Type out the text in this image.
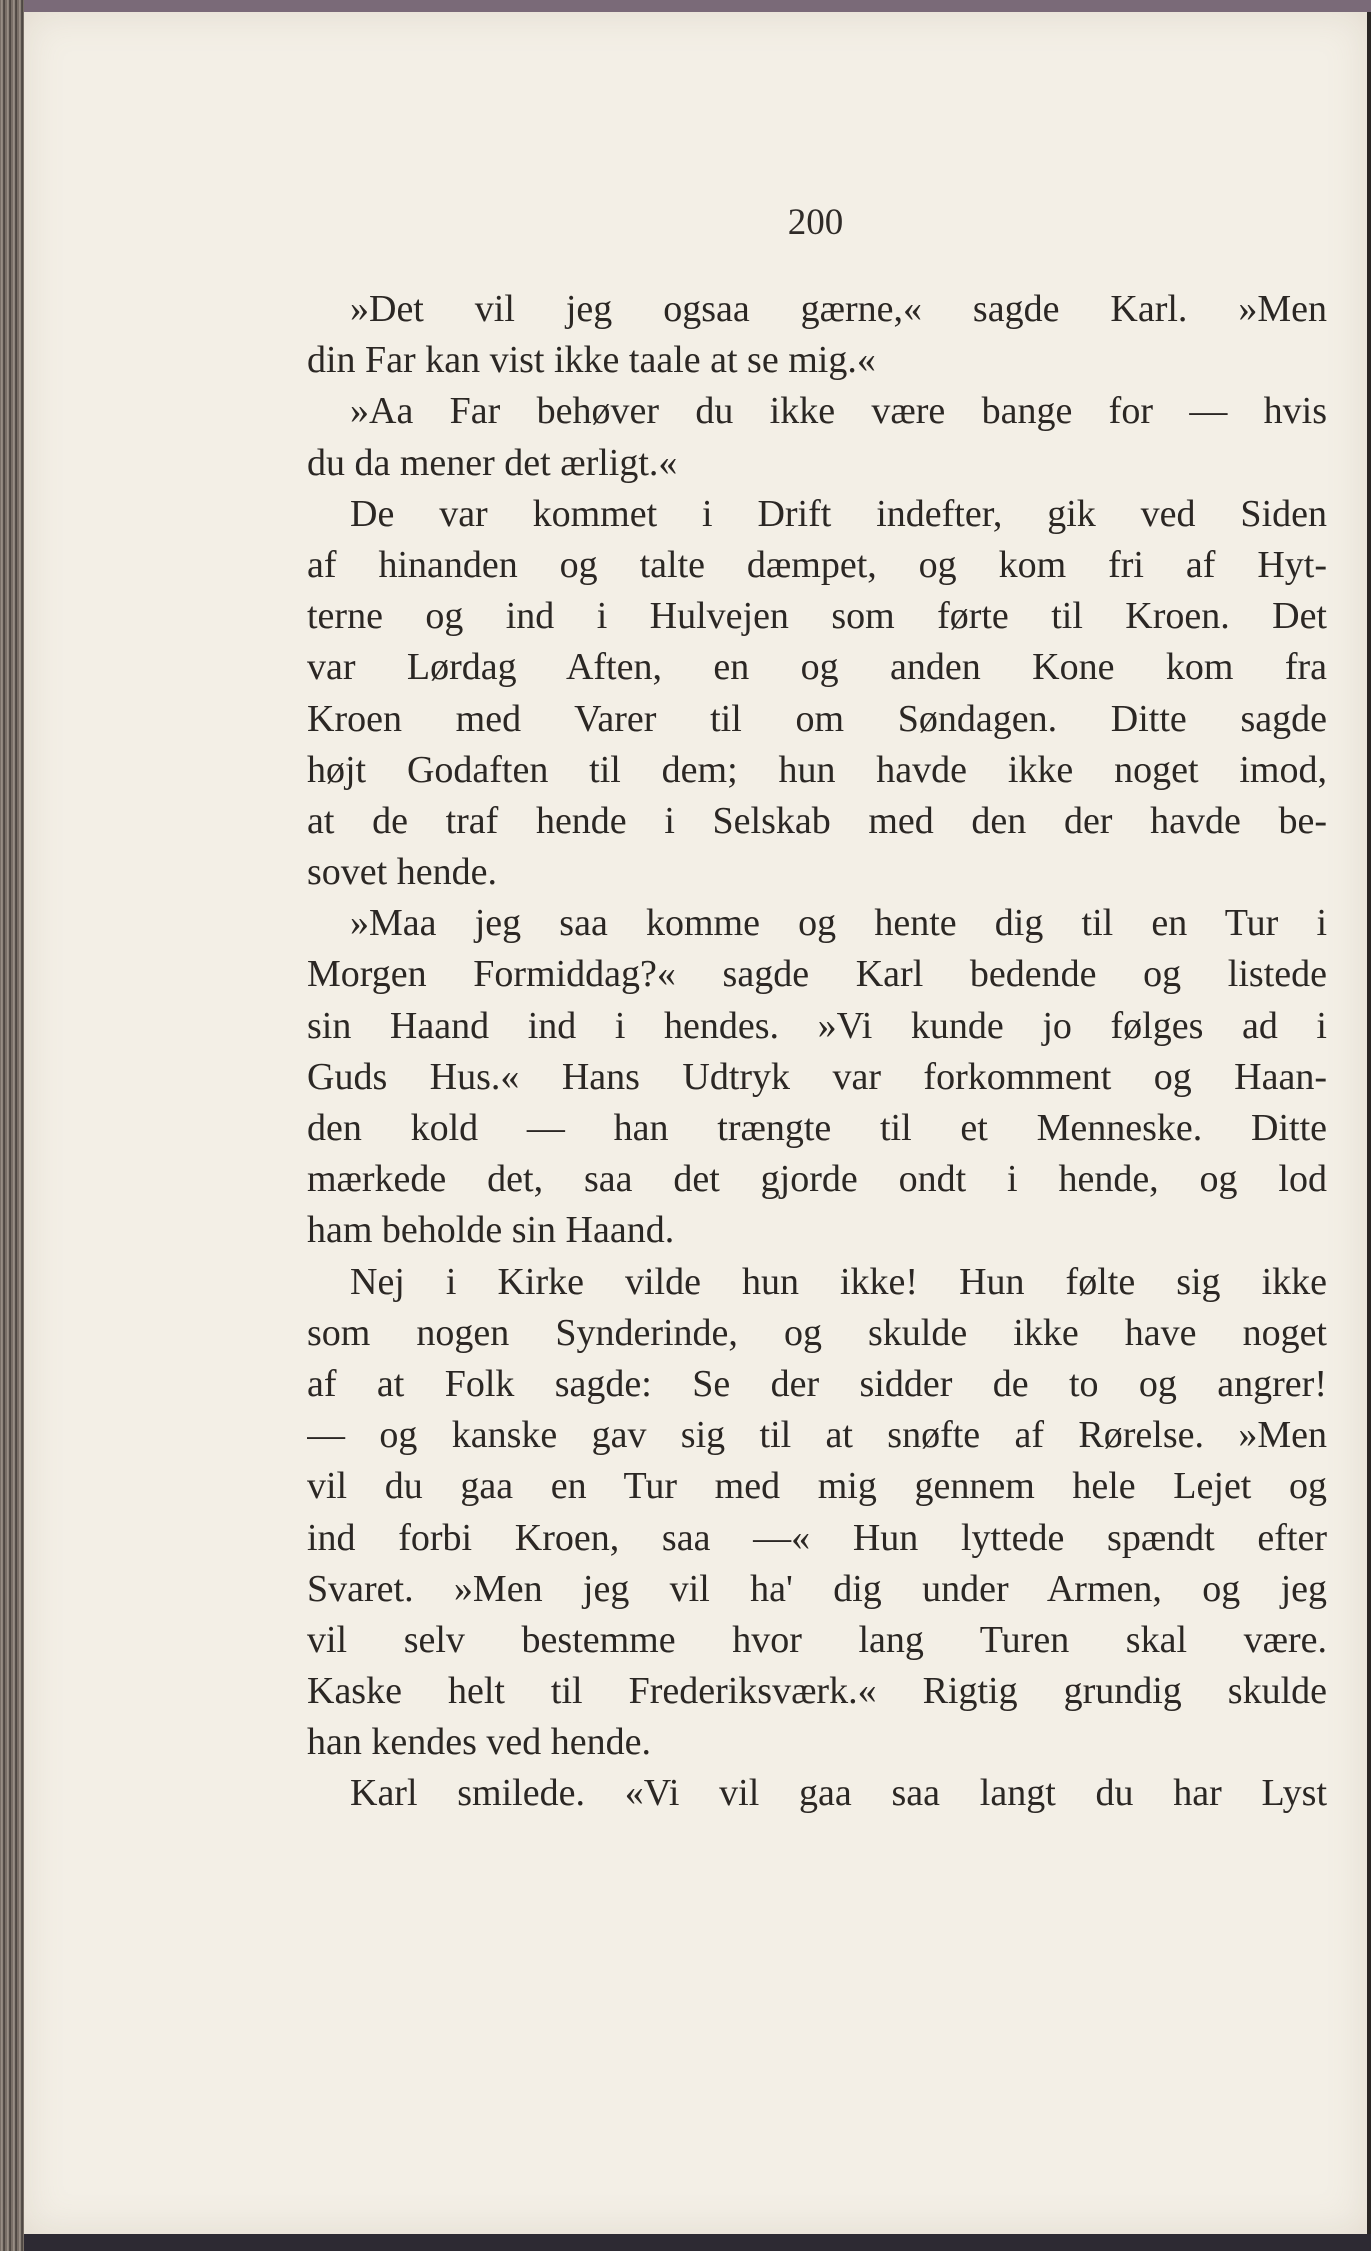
200
»Det vil jeg ogsaa gærne,« sagde Karl. »Men
din Far kan vist ikke taale at se mig.«
»Aa Far behøver du ikke være bange for — hvis
du da mener det ærligt.«
De var kommet i Drift indefter, gik ved Siden
af hinanden og talte dæmpet, og kom fri af Hyt-
terne og ind i Hulvejen som førte til Kroen. Det
var Lørdag Aften, en og anden Kone kom fra
Kroen med Varer til om Søndagen. Ditte sagde
højt Godaften til dem; hun havde ikke noget imod,
at de traf hende i Selskab med den der havde be-
sovet hende.
»Maa jeg saa komme og hente dig til en Tur i
Morgen Formiddag?« sagde Karl bedende og listede
sin Haand ind i hendes. »Vi kunde jo følges ad i
Guds Hus.« Hans Udtryk var forkomment og Haan-
den kold — han trængte til et Menneske. Ditte
mærkede det, saa det gjorde ondt i hende, og lod
ham beholde sin Haand.
Nej i Kirke vilde hun ikke! Hun følte sig ikke
som nogen Synderinde, og skulde ikke have noget
af at Folk sagde: Se der sidder de to og angrer!
— og kanske gav sig til at snøfte af Rørelse. »Men
vil du gaa en Tur med mig gennem hele Lejet og
ind forbi Kroen, saa —« Hun lyttede spændt efter
Svaret. »Men jeg vil ha' dig under Armen, og jeg
vil selv bestemme hvor lang Turen skal være.
Kaske helt til Frederiksværk.« Rigtig grundig skulde
han kendes ved hende.
Karl smilede. «Vi vil gaa saa langt du har Lyst
